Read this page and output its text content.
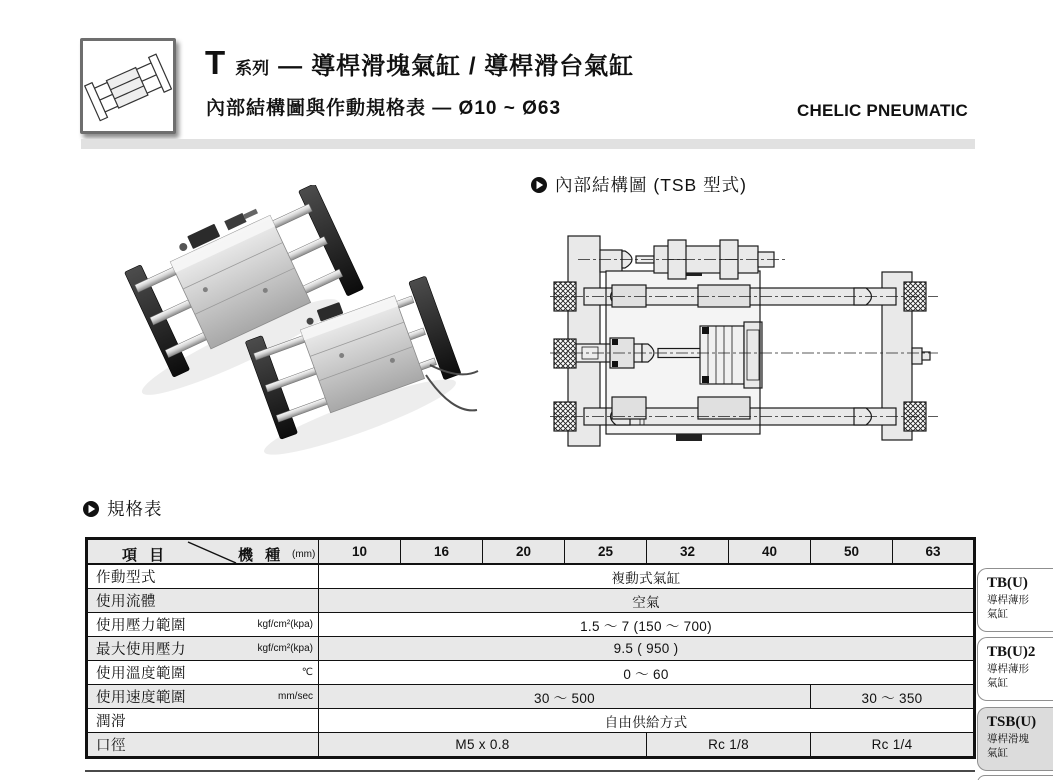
T 系列 — 導桿滑塊氣缸 / 導桿滑台氣缸
內部結構圖與作動規格表 — Ø10 ~ Ø63	CHELIC PNEUMATIC
內部結構圖 (TSB 型式)
規格表
項 目 機 種 (mm)	10	16	20	25	32	40	50	63

作動型式	複動式氣缸							

使用流體	空氣							

使用壓力範圍 kgf/cm²(kpa)	1.5 ～ 7 (150 ～ 700)							

最大使用壓力 kgf/cm²(kpa)	9.5 ( 950 )							

使用溫度範圍 ℃	0 ～ 60							

使用速度範圍 mm/sec	30 ～ 500						30 ～ 350	

潤滑	自由供給方式							

口徑	M5 x 0.8				Rc 1/8		Rc 1/4	
TB(U)
導桿薄形
氣缸
TB(U)2
導桿薄形
氣缸
TSB(U)
導桿滑塊
氣缸
